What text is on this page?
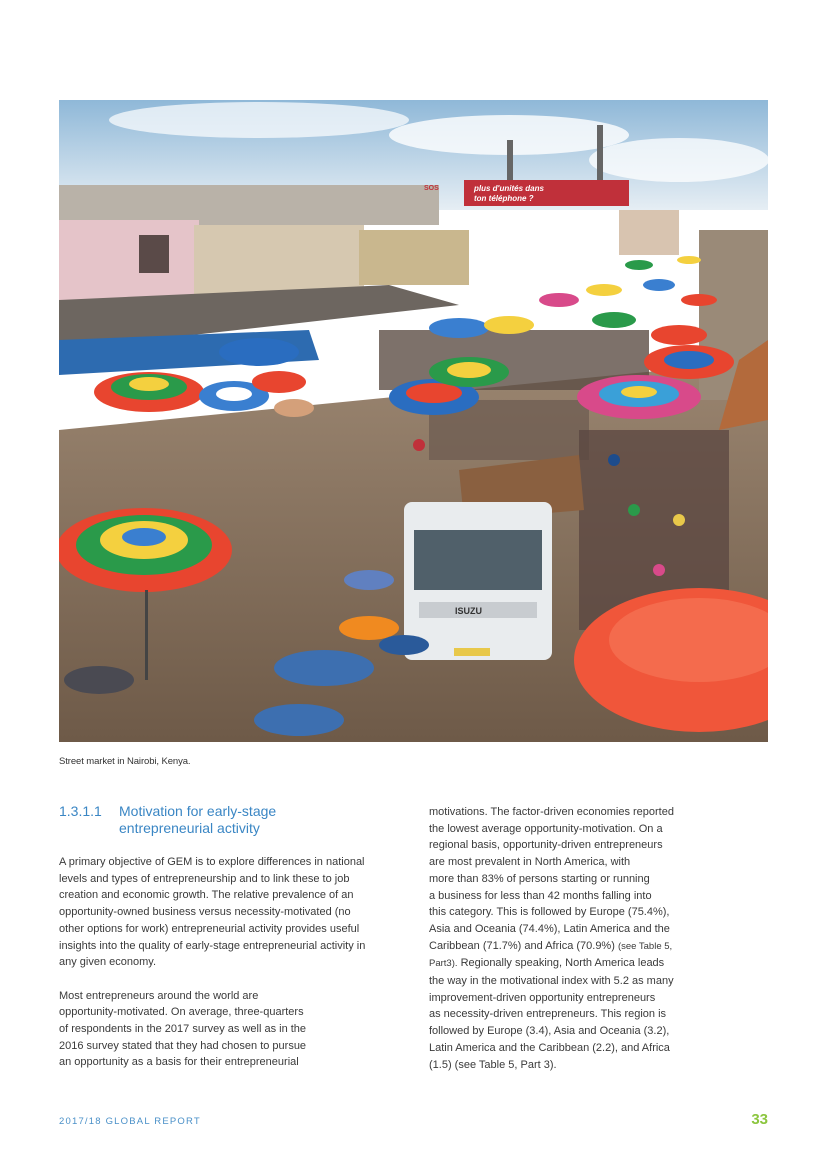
plus d'unités dans
ton téléphone ?
SOS
ISUZU
Street market in Nairobi, Kenya.
1.3.1.1 Motivation for early-stage
entrepreneurial activity

A primary objective of GEM is to explore differences in national
levels and types of entrepreneurship and to link these to job
creation and economic growth. The relative prevalence of an
opportunity-owned business versus necessity-motivated (no
other options for work) entrepreneurial activity provides useful
insights into the quality of early-stage entrepreneurial activity in
any given economy.

Most entrepreneurs around the world are
opportunity-motivated. On average, three-quarters
of respondents in the 2017 survey as well as in the
2016 survey stated that they had chosen to pursue
an opportunity as a basis for their entrepreneurial

motivations. The factor-driven economies reported
the lowest average opportunity-motivation. On a
regional basis, opportunity-driven entrepreneurs
are most prevalent in North America, with
more than 83% of persons starting or running
a business for less than 42 months falling into
this category. This is followed by Europe (75.4%),
Asia and Oceania (74.4%), Latin America and the
Caribbean (71.7%) and Africa (70.9%) (see Table 5,
Part3). Regionally speaking, North America leads
the way in the motivational index with 5.2 as many
improvement-driven opportunity entrepreneurs
as necessity-driven entrepreneurs. This region is
followed by Europe (3.4), Asia and Oceania (3.2),
Latin America and the Caribbean (2.2), and Africa
(1.5) (see Table 5, Part 3).

2017/18 GLOBAL REPORT	33
